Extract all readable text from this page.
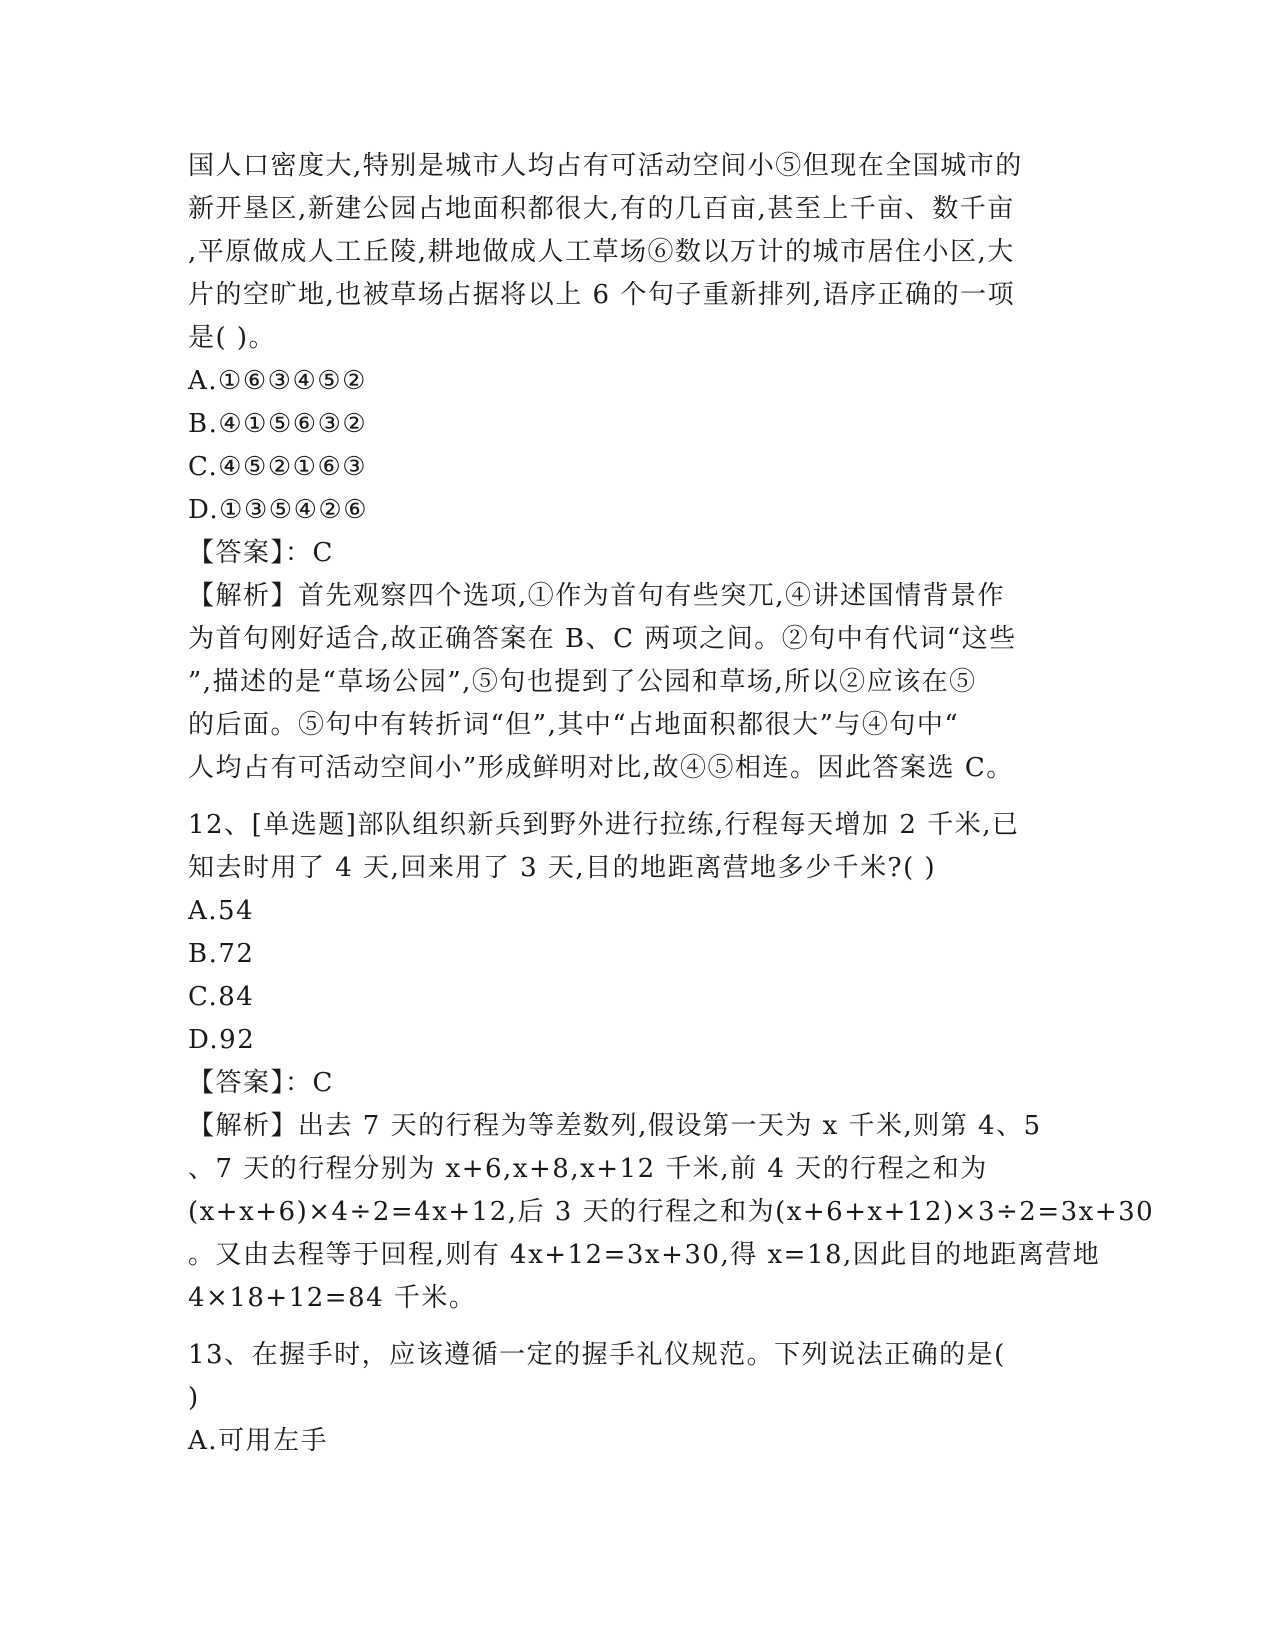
国人口密度大,特别是城市人均占有可活动空间小⑤但现在全国城市的
新开垦区,新建公园占地面积都很大,有的几百亩,甚至上千亩、数千亩
,平原做成人工丘陵,耕地做成人工草场⑥数以万计的城市居住小区,大
片的空旷地,也被草场占据将以上 6 个句子重新排列,语序正确的一项
是( )。
A.①⑥③④⑤②
B.④①⑤⑥③②
C.④⑤②①⑥③
D.①③⑤④②⑥
【答案】：C
【解析】首先观察四个选项,①作为首句有些突兀,④讲述国情背景作
为首句刚好适合,故正确答案在 B、C 两项之间。②句中有代词“这些
”,描述的是“草场公园”,⑤句也提到了公园和草场,所以②应该在⑤
的后面。⑤句中有转折词“但”,其中“占地面积都很大”与④句中“
人均占有可活动空间小”形成鲜明对比,故④⑤相连。因此答案选 C。
12、[单选题]部队组织新兵到野外进行拉练,行程每天增加 2 千米,已
知去时用了 4 天,回来用了 3 天,目的地距离营地多少千米?( )
A.54
B.72
C.84
D.92
【答案】：C
【解析】出去 7 天的行程为等差数列,假设第一天为 x 千米,则第 4、5
、7 天的行程分别为 x+6,x+8,x+12 千米,前 4 天的行程之和为
(x+x+6)×4÷2=4x+12,后 3 天的行程之和为(x+6+x+12)×3÷2=3x+30
。又由去程等于回程,则有 4x+12=3x+30,得 x=18,因此目的地距离营地
4×18+12=84 千米。
13、在握手时，应该遵循一定的握手礼仪规范。下列说法正确的是(
)
A.可用左手
